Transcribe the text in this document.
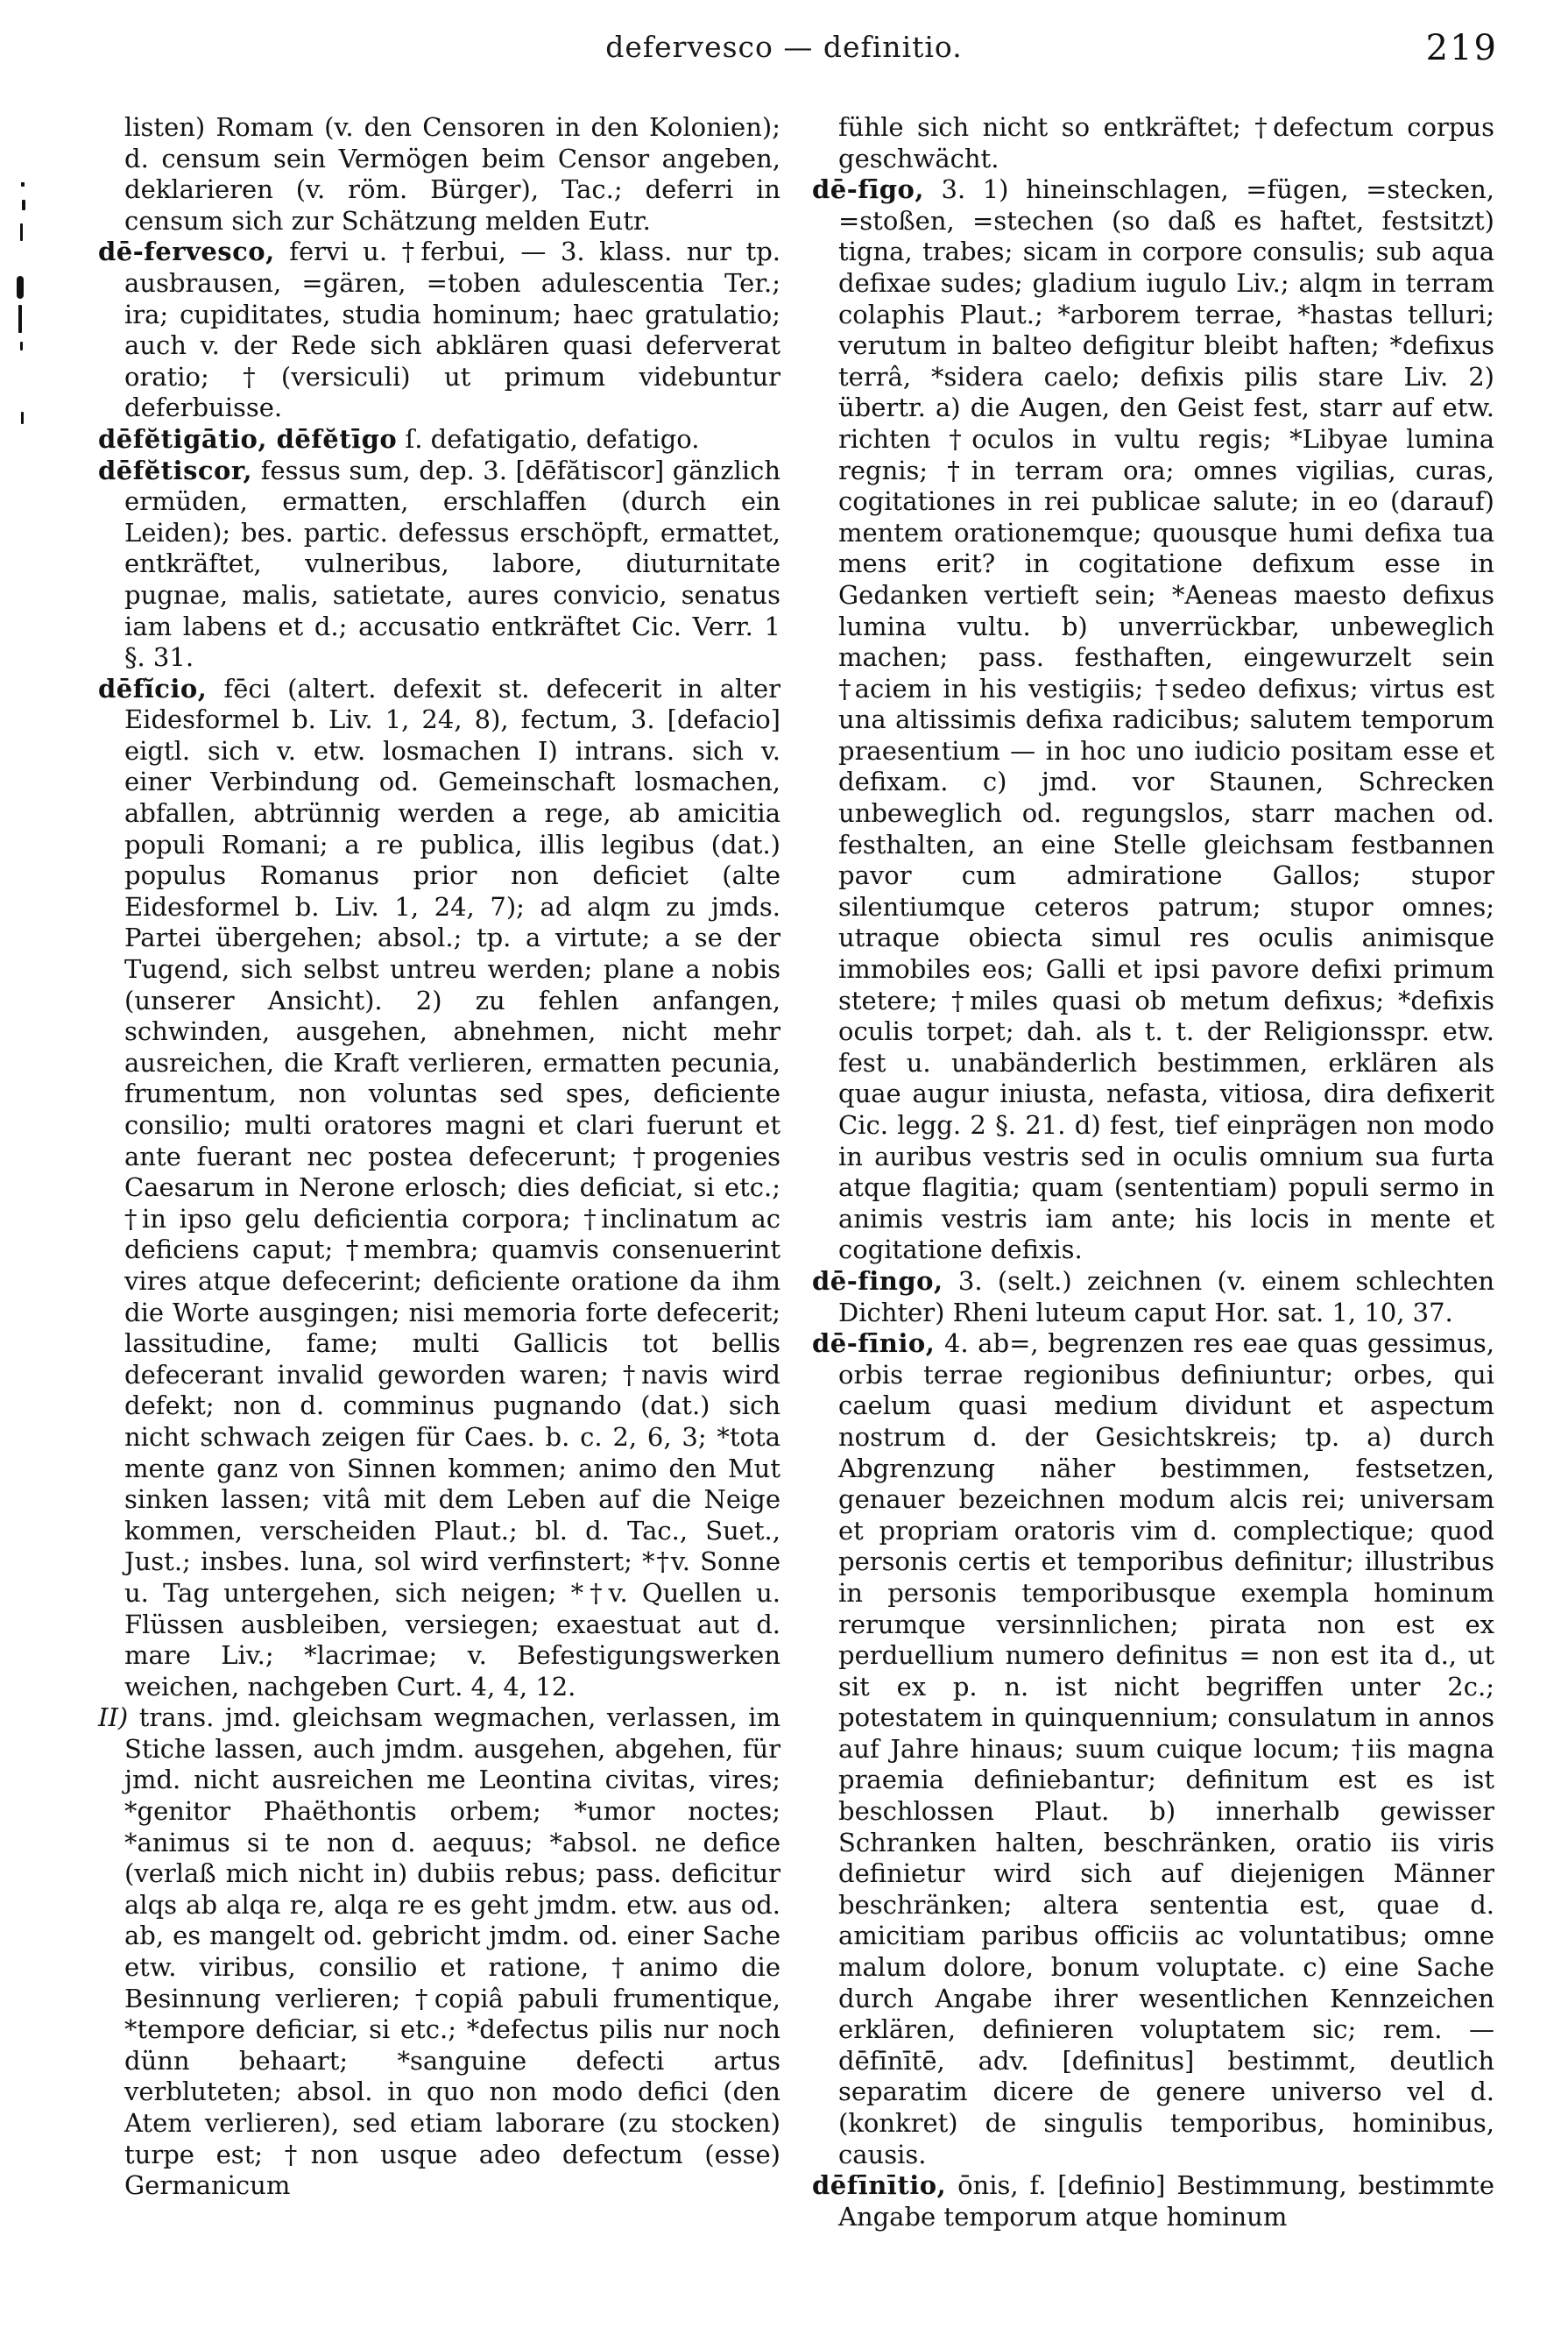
defervesco — definitio.	219

listen) Romam (v. den Censoren in den Kolonien); d. censum sein Vermögen beim Censor angeben, deklarieren (v. röm. Bürger), Tac.; deferri in censum sich zur Schätzung melden Eutr.

dē-fervesco, fervi u. †ferbui, — 3. klass. nur tp. ausbrausen, =gären, =toben adulescentia Ter.; ira; cupiditates, studia hominum; haec gratulatio; auch v. der Rede sich abklären quasi deferverat oratio; †(versiculi) ut primum videbuntur deferbuisse.

dēfĕtigātio, dēfĕtīgo ſ. defatigatio, defatigo.

dēfĕtiscor, fessus sum, dep. 3. [dēfătiscor] gänzlich ermüden, ermatten, erschlaffen (durch ein Leiden); bes. partic. defessus erschöpft, ermattet, entkräftet, vulneribus, labore, diuturnitate pugnae, malis, satietate, aures convicio, senatus iam labens et d.; accusatio entkräftet Cic. Verr. 1 §. 31.

dēfĭcio, fēci (altert. defexit st. defecerit in alter Eidesformel b. Liv. 1, 24, 8), fectum, 3. [defacio] eigtl. sich v. etw. losmachen I) intrans. sich v. einer Verbindung od. Gemeinschaft losmachen, abfallen, abtrünnig werden a rege, ab amicitia populi Romani; a re publica, illis legibus (dat.) populus Romanus prior non deficiet (alte Eidesformel b. Liv. 1, 24, 7); ad alqm zu jmds. Partei übergehen; absol.; tp. a virtute; a se der Tugend, sich selbst untreu werden; plane a nobis (unserer Ansicht). 2) zu fehlen anfangen, schwinden, ausgehen, abnehmen, nicht mehr ausreichen, die Kraft verlieren, ermatten pecunia, frumentum, non voluntas sed spes, deficiente consilio; multi oratores magni et clari fuerunt et ante fuerant nec postea defecerunt; †progenies Caesarum in Nerone erlosch; dies deficiat, si etc.; †in ipso gelu deficientia corpora; †inclinatum ac deficiens caput; †membra; quamvis consenuerint vires atque defecerint; deficiente oratione da ihm die Worte ausgingen; nisi memoria forte defecerit; lassitudine, fame; multi Gallicis tot bellis defecerant invalid geworden waren; †navis wird defekt; non d. comminus pugnando (dat.) sich nicht schwach zeigen für Caes. b. c. 2, 6, 3; *tota mente ganz von Sinnen kommen; animo den Mut sinken lassen; vitâ mit dem Leben auf die Neige kommen, verscheiden Plaut.; bl. d. Tac., Suet., Just.; insbes. luna, sol wird verfinstert; *†v. Sonne u. Tag untergehen, sich neigen; *†v. Quellen u. Flüssen ausbleiben, versiegen; exaestuat aut d. mare Liv.; *lacrimae; v. Befestigungswerken weichen, nachgeben Curt. 4, 4, 12.

II) trans. jmd. gleichsam wegmachen, verlassen, im Stiche lassen, auch jmdm. ausgehen, abgehen, für jmd. nicht ausreichen me Leontina civitas, vires; *genitor Phaëthontis orbem; *umor noctes; *animus si te non d. aequus; *absol. ne defice (verlaß mich nicht in) dubiis rebus; pass. deficitur alqs ab alqa re, alqa re es geht jmdm. etw. aus od. ab, es mangelt od. gebricht jmdm. od. einer Sache etw. viribus, consilio et ratione, †animo die Besinnung verlieren; †copiâ pabuli frumentique, *tempore deficiar, si etc.; *defectus pilis nur noch dünn behaart; *sanguine defecti artus verbluteten; absol. in quo non modo defici (den Atem verlieren), sed etiam laborare (zu stocken) turpe est; †non usque adeo defectum (esse) Germanicum

fühle sich nicht so entkräftet; †defectum corpus geschwächt.

dē-fīgo, 3. 1) hineinschlagen, =fügen, =stecken, =stoßen, =stechen (so daß es haftet, festsitzt) tigna, trabes; sicam in corpore consulis; sub aqua defixae sudes; gladium iugulo Liv.; alqm in terram colaphis Plaut.; *arborem terrae, *hastas telluri; verutum in balteo defigitur bleibt haften; *defixus terrâ, *sidera caelo; defixis pilis stare Liv. 2) übertr. a) die Augen, den Geist fest, starr auf etw. richten †oculos in vultu regis; *Libyae lumina regnis; †in terram ora; omnes vigilias, curas, cogitationes in rei publicae salute; in eo (darauf) mentem orationemque; quousque humi defixa tua mens erit? in cogitatione defixum esse in Gedanken vertieft sein; *Aeneas maesto defixus lumina vultu. b) unverrückbar, unbeweglich machen; pass. festhaften, eingewurzelt sein †aciem in his vestigiis; †sedeo defixus; virtus est una altissimis defixa radicibus; salutem temporum praesentium — in hoc uno iudicio positam esse et defixam. c) jmd. vor Staunen, Schrecken unbeweglich od. regungslos, starr machen od. festhalten, an eine Stelle gleichsam festbannen pavor cum admiratione Gallos; stupor silentiumque ceteros patrum; stupor omnes; utraque obiecta simul res oculis animisque immobiles eos; Galli et ipsi pavore defixi primum stetere; †miles quasi ob metum defixus; *defixis oculis torpet; dah. als t. t. der Religionsspr. etw. fest u. unabänderlich bestimmen, erklären als quae augur iniusta, nefasta, vitiosa, dira defixerit Cic. legg. 2 §. 21. d) fest, tief einprägen non modo in auribus vestris sed in oculis omnium sua furta atque flagitia; quam (sententiam) populi sermo in animis vestris iam ante; his locis in mente et cogitatione defixis.

dē-fingo, 3. (selt.) zeichnen (v. einem schlechten Dichter) Rheni luteum caput Hor. sat. 1, 10, 37.

dē-fīnio, 4. ab=, begrenzen res eae quas gessimus, orbis terrae regionibus definiuntur; orbes, qui caelum quasi medium dividunt et aspectum nostrum d. der Gesichtskreis; tp. a) durch Abgrenzung näher bestimmen, festsetzen, genauer bezeichnen modum alcis rei; universam et propriam oratoris vim d. complectique; quod personis certis et temporibus definitur; illustribus in personis temporibusque exempla hominum rerumque versinnlichen; pirata non est ex perduellium numero definitus = non est ita d., ut sit ex p. n. ist nicht begriffen unter 2c.; potestatem in quinquennium; consulatum in annos auf Jahre hinaus; suum cuique locum; †iis magna praemia definiebantur; definitum est es ist beschlossen Plaut. b) innerhalb gewisser Schranken halten, beschränken, oratio iis viris definietur wird sich auf diejenigen Männer beschränken; altera sententia est, quae d. amicitiam paribus officiis ac voluntatibus; omne malum dolore, bonum voluptate. c) eine Sache durch Angabe ihrer wesentlichen Kennzeichen erklären, definieren voluptatem sic; rem. — dēfīnītē, adv. [definitus] bestimmt, deutlich separatim dicere de genere universo vel d. (konkret) de singulis temporibus, hominibus, causis.

dēfīnītio, ōnis, f. [definio] Bestimmung, bestimmte Angabe temporum atque hominum
